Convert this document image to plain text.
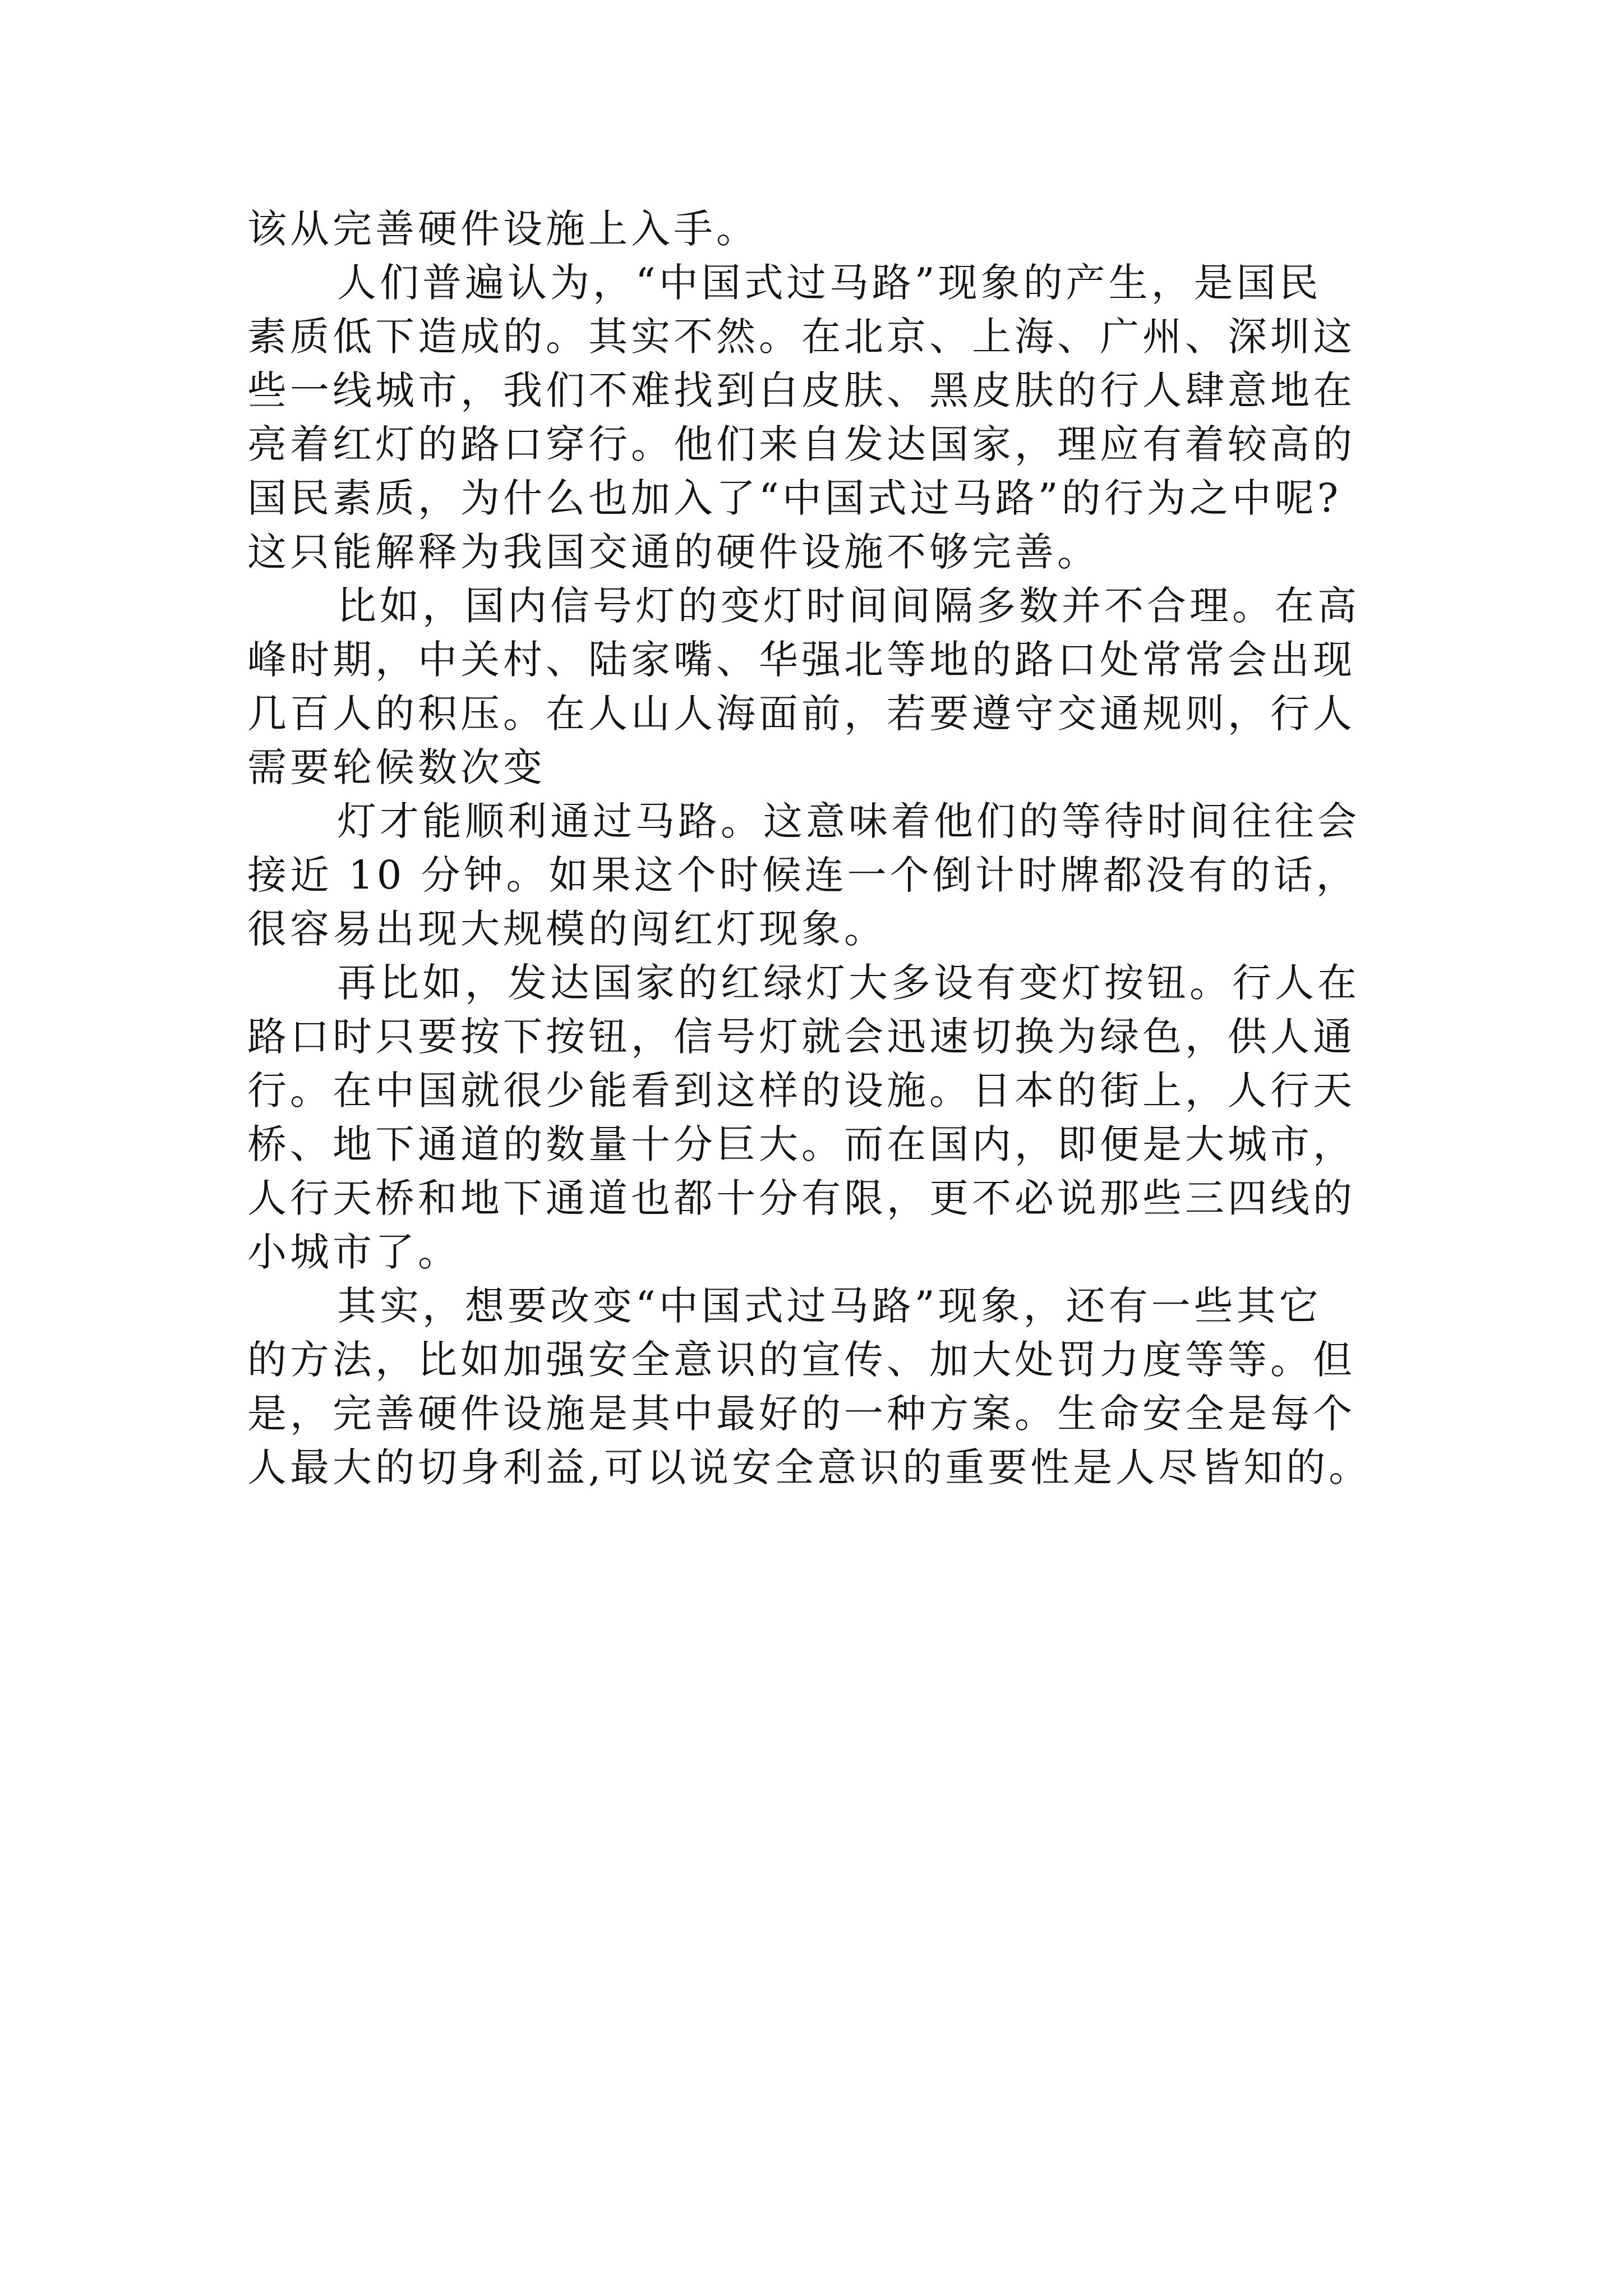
该从完善硬件设施上入手。

人们普遍认为，“中国式过马路”现象的产生，是国民

素质低下造成的。其实不然。在北京、上海、广州、深圳这

些一线城市，我们不难找到白皮肤、黑皮肤的行人肆意地在

亮着红灯的路口穿行。他们来自发达国家，理应有着较高的

国民素质，为什么也加入了“中国式过马路”的行为之中呢?

这只能解释为我国交通的硬件设施不够完善。

比如，国内信号灯的变灯时间间隔多数并不合理。在高

峰时期，中关村、陆家嘴、华强北等地的路口处常常会出现

几百人的积压。在人山人海面前，若要遵守交通规则，行人

需要轮候数次变

灯才能顺利通过马路。这意味着他们的等待时间往往会

接近 10 分钟。如果这个时候连一个倒计时牌都没有的话，

很容易出现大规模的闯红灯现象。

再比如，发达国家的红绿灯大多设有变灯按钮。行人在

路口时只要按下按钮，信号灯就会迅速切换为绿色，供人通

行。在中国就很少能看到这样的设施。日本的街上，人行天

桥、地下通道的数量十分巨大。而在国内，即便是大城市，

人行天桥和地下通道也都十分有限，更不必说那些三四线的

小城市了。

其实，想要改变“中国式过马路”现象，还有一些其它

的方法，比如加强安全意识的宣传、加大处罚力度等等。但

是，完善硬件设施是其中最好的一种方案。生命安全是每个

人最大的切身利益,可以说安全意识的重要性是人尽皆知的。
